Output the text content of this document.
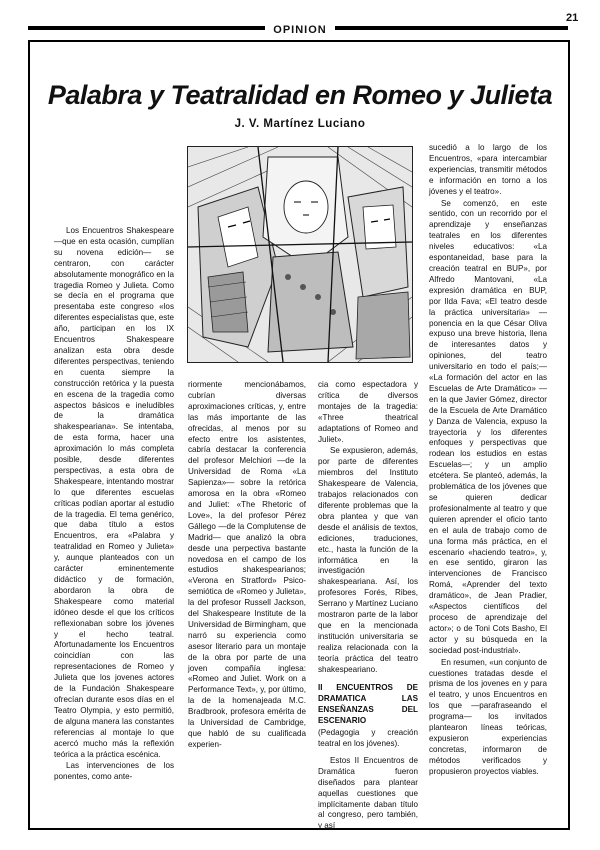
OPINION
21
Palabra y Teatralidad en Romeo y Julieta
J. V. Martínez Luciano

Los Encuentros Shakespeare —que en esta ocasión, cumplían su novena edición— se centraron, con carácter absolutamente monográfico en la tragedia Romeo y Julieta. Como se decía en el programa que presentaba este congreso «los diferentes especialistas que, este año, participan en los IX Encuentros Shakespeare analizan esta obra desde diferentes perspectivas, teniendo en cuenta siempre la construcción retórica y la puesta en escena de la tragedia como aspectos básicos e ineludibles de la dramática shakespeariana». Se intentaba, de esta forma, hacer una aproximación lo más completa posible, desde diferentes perspectivas, a esta obra de Shakespeare, intentando mostrar lo que diferentes escuelas críticas podían aportar al estudio de la tragedia. El tema genérico, que daba título a estos Encuentros, era «Palabra y teatralidad en Romeo y Julieta» y, aunque planteados con un carácter eminentemente didáctico y de formación, abordaron la obra de Shakespeare como material idóneo desde el que los críticos reflexionaban sobre los jóvenes y el hecho teatral. Afortunadamente los Encuentros coincidían con las representaciones de Romeo y Julieta que los jovenes actores de la Fundación Shakespeare ofrecían durante esos días en el Teatro Olympia, y esto permitió, de alguna manera las constantes referencias al montaje lo que acercó mucho más la reflexión teórica a la práctica escénica.

Las intervenciones de los ponentes, como ante-

riormente mencionábamos, cubrían diversas aproximaciones críticas, y, entre las más importante de las ofrecidas, al menos por su efecto entre los asistentes, cabría destacar la conferencia del profesor Melchiori —de la Universidad de Roma «La Sapienza»— sobre la retórica amorosa en la obra «Romeo and Juliet: «The Rhetoric of Love», la del profesor Pérez Gállego —de la Complutense de Madrid— que analizó la obra desde una perpectiva bastante novedosa en el campo de los estudios shakespearianos; «Verona en Stratford» Psico-semiótica de «Romeo y Julieta», la del profesor Russell Jackson, del Shakespeare Institute de la Universidad de Birmingham, que narró su experiencia como asesor literario para un montaje de la obra por parte de una joven compañía inglesa: «Romeo and Juliet. Work on a Performance Text», y, por último, la de la homenajeada M.C. Bradbrook, profesora emérita de la Universidad de Cambridge, que habló de su cualificada experien-

cia como espectadora y crítica de diversos montajes de la tragedia: «Three theatrical adaptations of Romeo and Juliet».

Se expusieron, además, por parte de diferentes miembros del Instituto Shakespeare de Valencia, trabajos relacionados con diferente problemas que la obra plantea y que van desde el análisis de textos, ediciones, traduciones, etc., hasta la función de la informática en la investigación shakespeariana. Así, los profesores Forés, Ribes, Serrano y Martínez Luciano mostraron parte de la labor que en la mencionada institución universitaria se realiza relacionada con la teoría práctica del teatro shakespeariano.

II ENCUENTROS DE DRAMATICA LAS ENSEÑANZAS DEL ESCENARIO

(Pedagogia y creación teatral en los jóvenes).

Estos II Encuentros de Dramática fueron diseñados para plantear aquellas cuestiones que implícitamente daban título al congreso, pero también, y así

sucedió a lo largo de los Encuentros, «para intercambiar experiencias, transmitir métodos e información en torno a los jóvenes y el teatro».

Se comenzó, en este sentido, con un recorrido por el aprendizaje y enseñanzas teatrales en los diferentes niveles educativos: «La espontaneidad, base para la creación teatral en BUP», por Alfredo Mantovani, «La expresión dramática en BUP, por Ilda Fava; «El teatro desde la práctica universitaria» —ponencia en la que César Oliva expuso una breve historia, llena de interesantes datos y opiniones, del teatro universitario en todo el país;— «La formación del actor en las Escuelas de Arte Dramático» —en la que Javier Gómez, director de la Escuela de Arte Dramático y Danza de Valencia, expuso la trayectoria y los diferentes enfoques y perspectivas que rodean los estudios en estas Escuelas—; y un amplio etcétera. Se planteó, además, la problemática de los jóvenes que se quieren dedicar profesionalmente al teatro y que quieren aprender el oficio tanto en el aula de trabajo como de una forma más práctica, en el escenario «haciendo teatro», y, en ese sentido, giraron las intervenciones de Francisco Romá, «Aprender del texto dramático», de Jean Pradier, «Aspectos científicos del proceso de aprendizaje del actor»; o de Toni Cots Basho, El actor y su búsqueda en la sociedad post-industrial».

En resumen, «un conjunto de cuestiones tratadas desde el prisma de los jovenes en y para el teatro, y unos Encuentros en los que —parafraseando el programa— los invitados plantearon líneas teóricas, expusieron experiencias concretas, informaron de métodos verificados y propusieron proyectos viables.
